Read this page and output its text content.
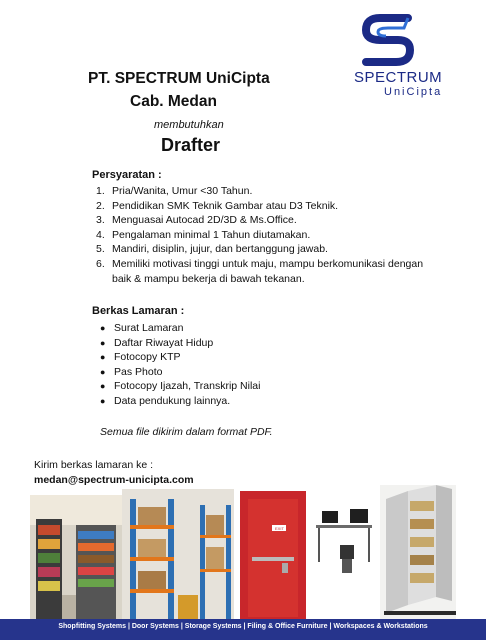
SPECTRUM
UniCipta
PT. SPECTRUM UniCipta
Cab. Medan
membutuhkan
Drafter
Persyaratan :
1. Pria/Wanita, Umur <30 Tahun.
2. Pendidikan SMK Teknik Gambar atau D3 Teknik.
3. Menguasai Autocad 2D/3D & Ms.Office.
4. Pengalaman minimal 1 Tahun diutamakan.
5. Mandiri, disiplin, jujur, dan bertanggung jawab.
6. Memiliki motivasi tinggi untuk maju, mampu berkomunikasi dengan baik & mampu bekerja di bawah tekanan.
Berkas Lamaran :
● Surat Lamaran
● Daftar Riwayat Hidup
● Fotocopy KTP
● Pas Photo
● Fotocopy Ijazah, Transkrip Nilai
● Data pendukung lainnya.
Semua file dikirim dalam format PDF.
Kirim berkas lamaran ke :
medan@spectrum-unicipta.com
EXIT
Shopfitting Systems | Door Systems | Storage Systems | Filing & Office Furniture | Workspaces & Workstations
